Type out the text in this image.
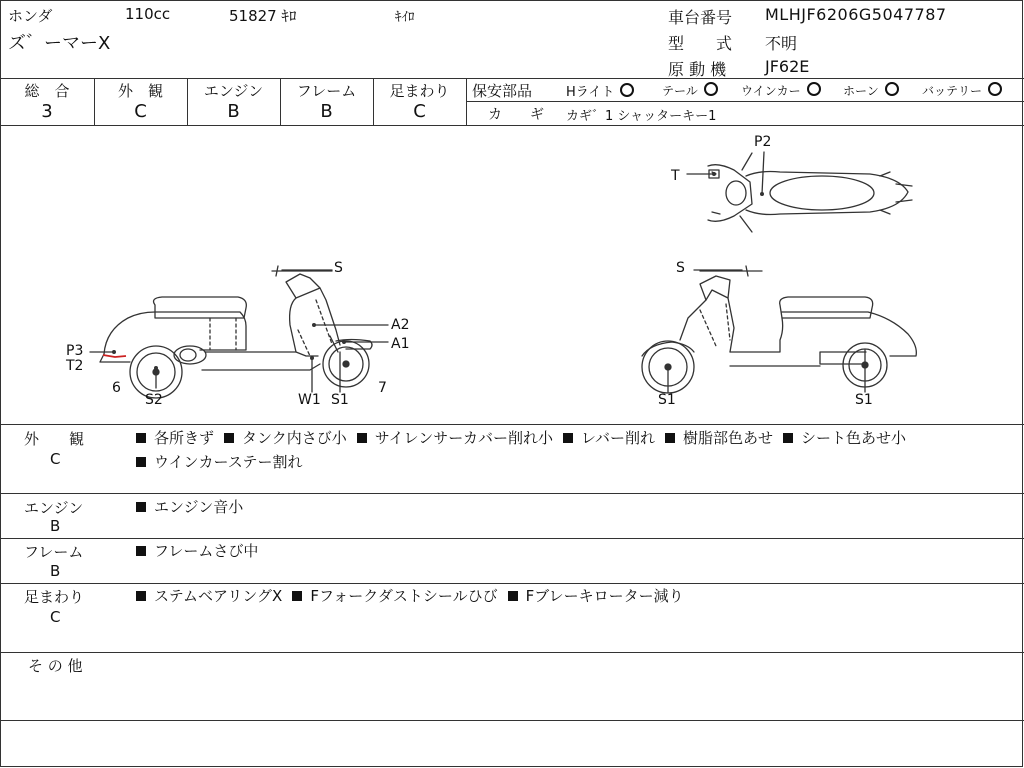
ホンダ	110cc	51827 ｷﾛ	ｷｲﾛ
ズ゛ーマーX
車台番号 MLHJF6206G5047787
型　　式 不明
原 動 機 JF62E
総　合
3
外　観
C
エンジン
B
フレーム
B
足まわり
C
保安部品	Hライト	テール	ウインカー	ホーン	バッテリー
カ　　ギ カギ゛1 シャッターキー1
P2
T
S	S
A2
A1
P3
T2
6
S2	W1 S1
7
S1	S1
外　　観
C
各所きず タンク内さび小 サイレンサーカバー削れ小 レバー削れ 樹脂部色あせ シート色あせ小ウインカーステー割れ
エンジン
B
エンジン音小
フレーム
B
フレームさび中
足まわり
C
ステムベアリングX Fフォークダストシールひび Fブレーキローター減り
そ の 他
